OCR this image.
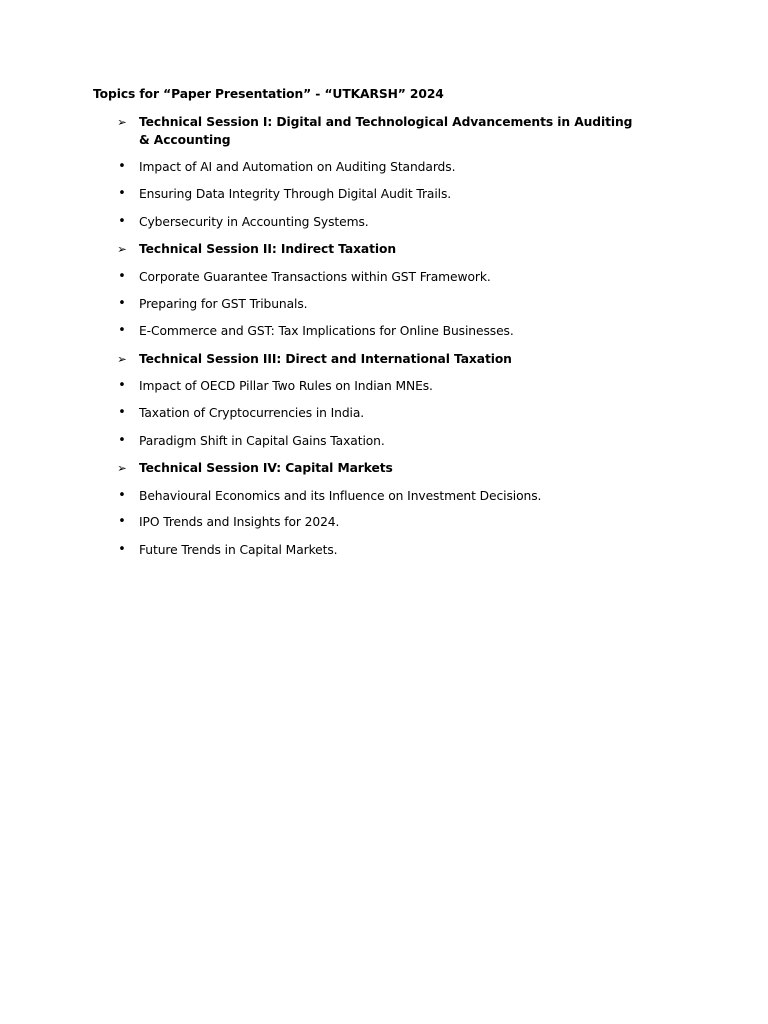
Topics for “Paper Presentation” - “UTKARSH” 2024
➢ Technical Session I: Digital and Technological Advancements in Auditing & Accounting
• Impact of AI and Automation on Auditing Standards.
• Ensuring Data Integrity Through Digital Audit Trails.
• Cybersecurity in Accounting Systems.
➢ Technical Session II: Indirect Taxation
• Corporate Guarantee Transactions within GST Framework.
• Preparing for GST Tribunals.
• E-Commerce and GST: Tax Implications for Online Businesses.
➢ Technical Session III: Direct and International Taxation
• Impact of OECD Pillar Two Rules on Indian MNEs.
• Taxation of Cryptocurrencies in India.
• Paradigm Shift in Capital Gains Taxation.
➢ Technical Session IV: Capital Markets
• Behavioural Economics and its Influence on Investment Decisions.
• IPO Trends and Insights for 2024.
• Future Trends in Capital Markets.
